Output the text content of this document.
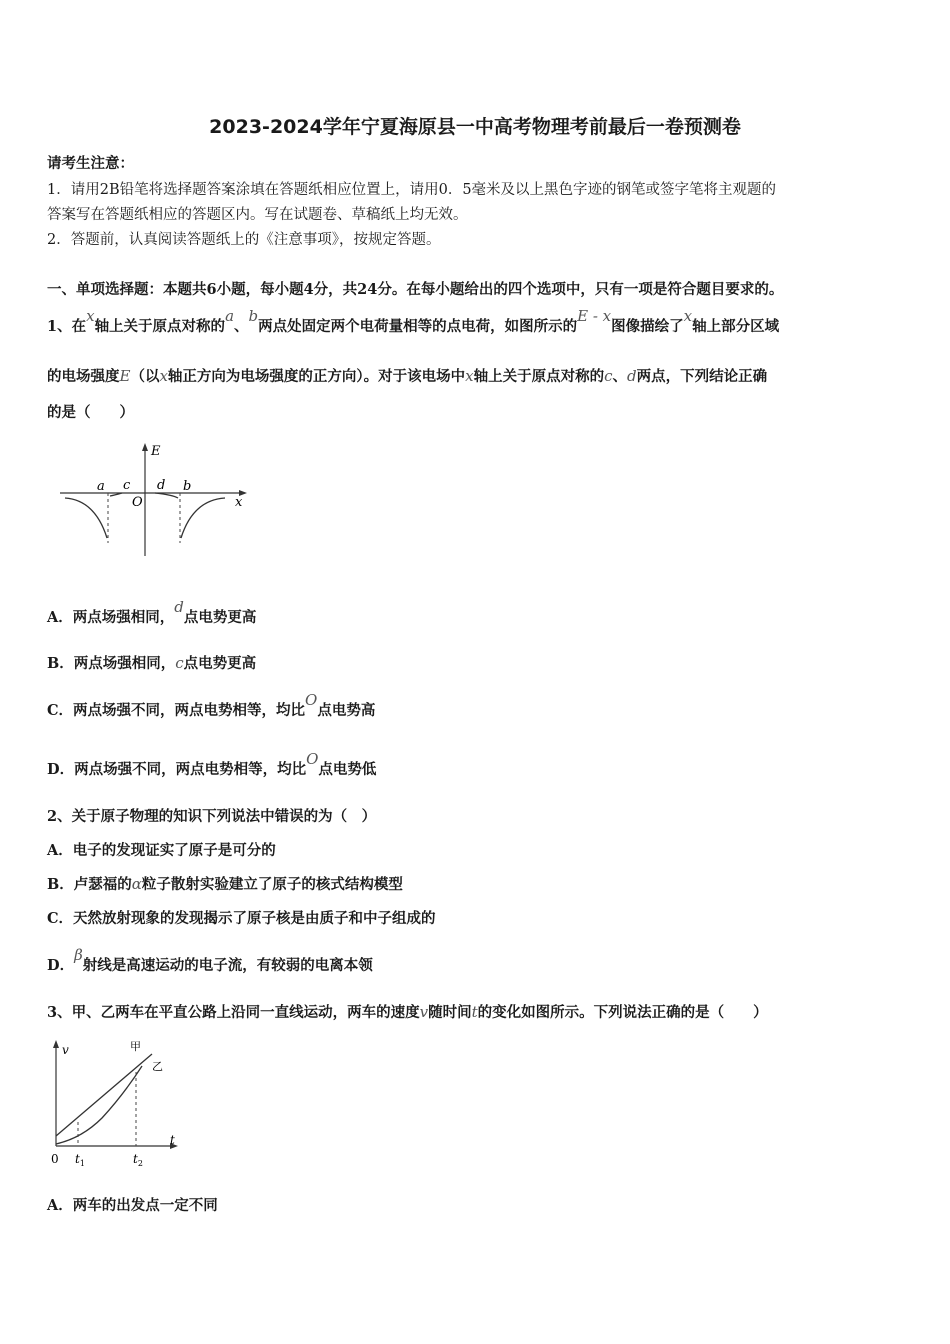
2023-2024学年宁夏海原县一中高考物理考前最后一卷预测卷
请考生注意：
1．请用2B铅笔将选择题答案涂填在答题纸相应位置上，请用0．5毫米及以上黑色字迹的钢笔或签字笔将主观题的
答案写在答题纸相应的答题区内。写在试题卷、草稿纸上均无效。
2．答题前，认真阅读答题纸上的《注意事项》，按规定答题。
一、单项选择题：本题共6小题，每小题4分，共24分。在每小题给出的四个选项中，只有一项是符合题目要求的。
1、在x轴上关于原点对称的a、b两点处固定两个电荷量相等的点电荷，如图所示的E - x图像描绘了x轴上部分区域
的电场强度E（以x轴正方向为电场强度的正方向）。对于该电场中x轴上关于原点对称的c、d两点，下列结论正确
的是（　　）
E
a c
O
d b
x
A．两点场强相同，d点电势更高
B．两点场强相同，c点电势更高
C．两点场强不同，两点电势相等，均比O点电势高
D．两点场强不同，两点电势相等，均比O点电势低
2、关于原子物理的知识下列说法中错误的为（　）
A．电子的发现证实了原子是可分的
B．卢瑟福的α粒子散射实验建立了原子的核式结构模型
C．天然放射现象的发现揭示了原子核是由质子和中子组成的
D．β射线是高速运动的电子流，有较弱的电离本领
3、甲、乙两车在平直公路上沿同一直线运动，两车的速度v随时间t的变化如图所示。下列说法正确的是（　　）
v	甲
乙
t
0 $t_1$	$t_2$
A．两车的出发点一定不同
